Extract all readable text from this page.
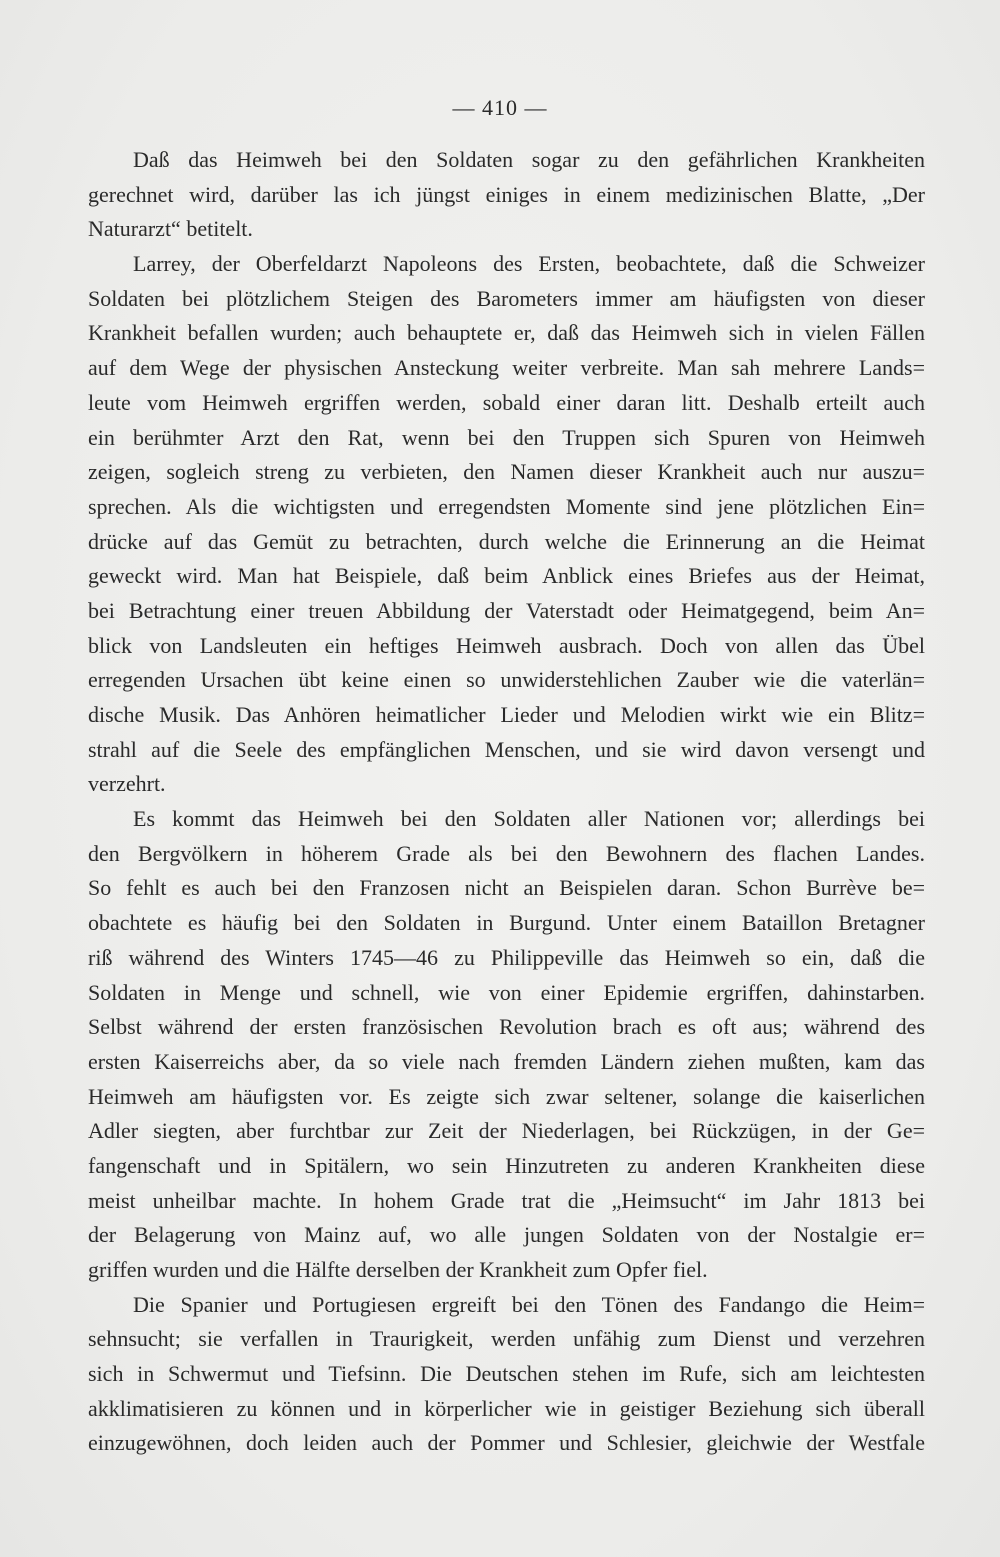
— 410 —
Daß das Heimweh bei den Soldaten sogar zu den gefährlichen Krankheiten
gerechnet wird, darüber las ich jüngst einiges in einem medizinischen Blatte, „Der
Naturarzt“ betitelt.
Larrey, der Oberfeldarzt Napoleons des Ersten, beobachtete, daß die Schweizer
Soldaten bei plötzlichem Steigen des Barometers immer am häufigsten von dieser
Krankheit befallen wurden; auch behauptete er, daß das Heimweh sich in vielen Fällen
auf dem Wege der physischen Ansteckung weiter verbreite. Man sah mehrere Lands=
leute vom Heimweh ergriffen werden, sobald einer daran litt. Deshalb erteilt auch
ein berühmter Arzt den Rat, wenn bei den Truppen sich Spuren von Heimweh
zeigen, sogleich streng zu verbieten, den Namen dieser Krankheit auch nur auszu=
sprechen. Als die wichtigsten und erregendsten Momente sind jene plötzlichen Ein=
drücke auf das Gemüt zu betrachten, durch welche die Erinnerung an die Heimat
geweckt wird. Man hat Beispiele, daß beim Anblick eines Briefes aus der Heimat,
bei Betrachtung einer treuen Abbildung der Vaterstadt oder Heimatgegend, beim An=
blick von Landsleuten ein heftiges Heimweh ausbrach. Doch von allen das Übel
erregenden Ursachen übt keine einen so unwiderstehlichen Zauber wie die vaterlän=
dische Musik. Das Anhören heimatlicher Lieder und Melodien wirkt wie ein Blitz=
strahl auf die Seele des empfänglichen Menschen, und sie wird davon versengt und
verzehrt.
Es kommt das Heimweh bei den Soldaten aller Nationen vor; allerdings bei
den Bergvölkern in höherem Grade als bei den Bewohnern des flachen Landes.
So fehlt es auch bei den Franzosen nicht an Beispielen daran. Schon Burrève be=
obachtete es häufig bei den Soldaten in Burgund. Unter einem Bataillon Bretagner
riß während des Winters 1745—46 zu Philippeville das Heimweh so ein, daß die
Soldaten in Menge und schnell, wie von einer Epidemie ergriffen, dahinstarben.
Selbst während der ersten französischen Revolution brach es oft aus; während des
ersten Kaiserreichs aber, da so viele nach fremden Ländern ziehen mußten, kam das
Heimweh am häufigsten vor. Es zeigte sich zwar seltener, solange die kaiserlichen
Adler siegten, aber furchtbar zur Zeit der Niederlagen, bei Rückzügen, in der Ge=
fangenschaft und in Spitälern, wo sein Hinzutreten zu anderen Krankheiten diese
meist unheilbar machte. In hohem Grade trat die „Heimsucht“ im Jahr 1813 bei
der Belagerung von Mainz auf, wo alle jungen Soldaten von der Nostalgie er=
griffen wurden und die Hälfte derselben der Krankheit zum Opfer fiel.
Die Spanier und Portugiesen ergreift bei den Tönen des Fandango die Heim=
sehnsucht; sie verfallen in Traurigkeit, werden unfähig zum Dienst und verzehren
sich in Schwermut und Tiefsinn. Die Deutschen stehen im Rufe, sich am leichtesten
akklimatisieren zu können und in körperlicher wie in geistiger Beziehung sich überall
einzugewöhnen, doch leiden auch der Pommer und Schlesier, gleichwie der Westfale
